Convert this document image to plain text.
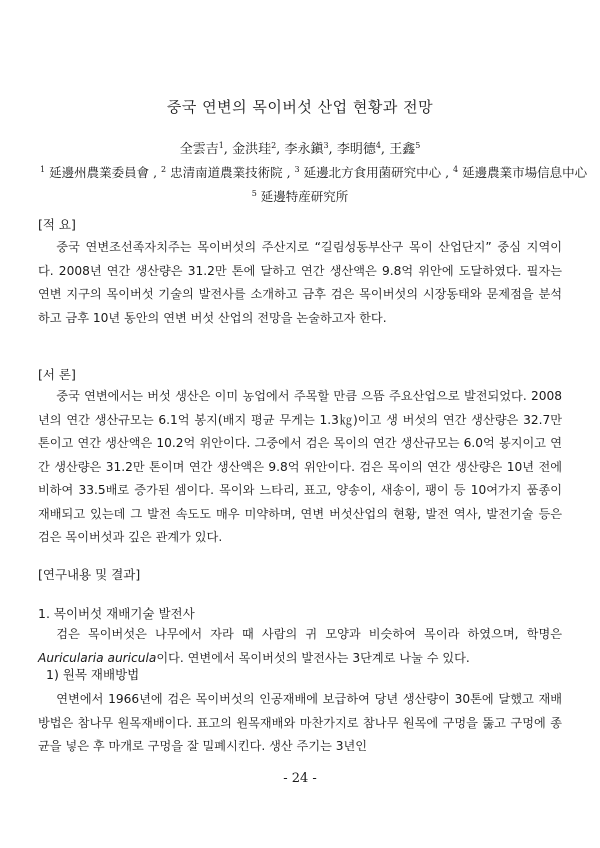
중국 연변의 목이버섯 산업 현황과 전망
全雲吉$^1$, 金洪珪$^2$, 李永鎭$^3$, 李明德$^4$, 王鑫$^5$
$^1$ 延邊州農業委員會 , $^2$ 忠清南道農業技術院 , $^3$ 延邊北方食用菌研究中心 , $^4$ 延邊農業市場信息中心
$^5$ 延邊特産研究所
[적 요]

중국 연변조선족자치주는 목이버섯의 주산지로 “길림성동부산구 목이 산업단지” 중심 지역이다. 2008년 연간 생산량은 31.2만 톤에 달하고 연간 생산액은 9.8억 위안에 도달하였다. 필자는 연변 지구의 목이버섯 기술의 발전사를 소개하고 금후 검은 목이버섯의 시장동태와 문제점을 분석하고 금후 10년 동안의 연변 버섯 산업의 전망을 논술하고자 한다.

[서 론]

중국 연변에서는 버섯 생산은 이미 농업에서 주목할 만큼 으뜸 주요산업으로 발전되었다. 2008년의 연간 생산규모는 6.1억 봉지(배지 평균 무게는 1.3㎏)이고 생 버섯의 연간 생산량은 32.7만 톤이고 연간 생산액은 10.2억 위안이다. 그중에서 검은 목이의 연간 생산규모는 6.0억 봉지이고 연간 생산량은 31.2만 톤이며 연간 생산액은 9.8억 위안이다. 검은 목이의 연간 생산량은 10년 전에 비하여 33.5배로 증가된 셈이다. 목이와 느타리, 표고, 양송이, 새송이, 팽이 등 10여가지 품종이 재배되고 있는데 그 발전 속도도 매우 미약하며, 연변 버섯산업의 현황, 발전 역사, 발전기술 등은 검은 목이버섯과 깊은 관계가 있다.

[연구내용 및 결과]
1. 목이버섯 재배기술 발전사

검은 목이버섯은 나무에서 자라 때 사람의 귀 모양과 비슷하여 목이라 하였으며, 학명은 Auricularia auricula이다. 연변에서 목이버섯의 발전사는 3단계로 나눌 수 있다.

1) 원목 재배방법

연변에서 1966년에 검은 목이버섯의 인공재배에 보급하여 당년 생산량이 30톤에 달했고 재배 방법은 참나무 원목재배이다. 표고의 원목재배와 마찬가지로 참나무 원목에 구멍을 뚫고 구멍에 종균을 넣은 후 마개로 구멍을 잘 밀폐시킨다. 생산 주기는 3년인

- 24 -
